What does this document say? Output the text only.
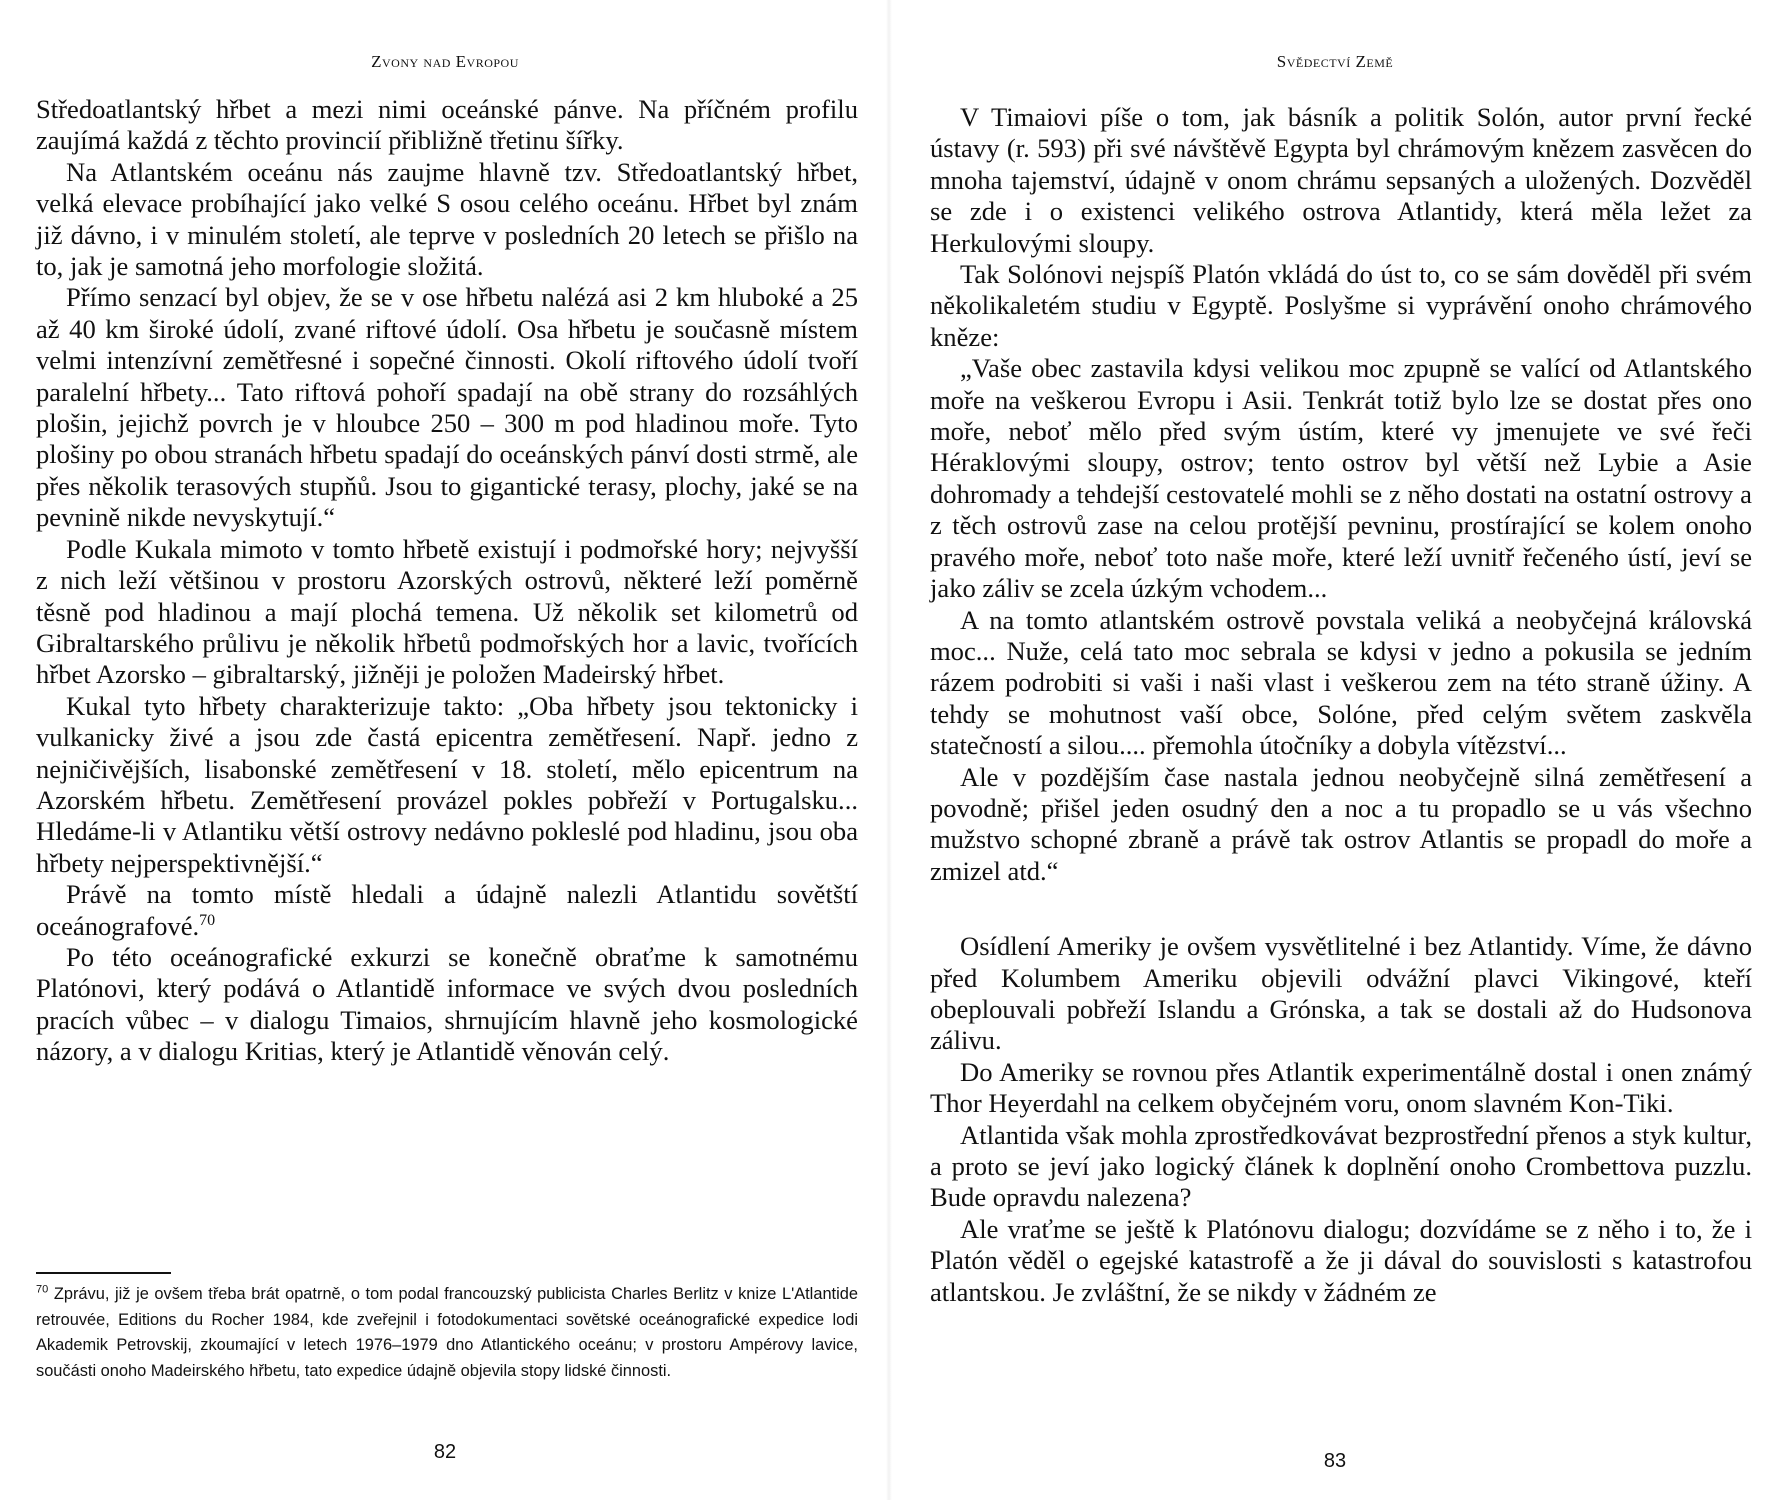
Zvony nad Evropou

Středoatlantský hřbet a mezi nimi oceánské pánve. Na příčném profilu zaujímá každá z těchto provincií přibližně třetinu šířky.

Na Atlantském oceánu nás zaujme hlavně tzv. Středoatlantský hřbet, velká elevace probíhající jako velké S osou celého oceánu. Hřbet byl znám již dávno, i v minulém století, ale teprve v posledních 20 letech se přišlo na to, jak je samotná jeho morfologie složitá.

Přímo senzací byl objev, že se v ose hřbetu nalézá asi 2 km hluboké a 25 až 40 km široké údolí, zvané riftové údolí. Osa hřbetu je současně místem velmi intenzívní zemětřesné i sopečné činnosti. Okolí riftového údolí tvoří paralelní hřbety... Tato riftová pohoří spadají na obě strany do rozsáhlých plošin, jejichž povrch je v hloubce 250 – 300 m pod hladinou moře. Tyto plošiny po obou stranách hřbetu spadají do oceánských pánví dosti strmě, ale přes několik terasových stupňů. Jsou to gigantické terasy, plochy, jaké se na pevnině nikde nevyskytují.“

Podle Kukala mimoto v tomto hřbetě existují i podmořské hory; nejvyšší z nich leží většinou v prostoru Azorských ostrovů, některé leží poměrně těsně pod hladinou a mají plochá temena. Už několik set kilometrů od Gibraltarského průlivu je několik hřbetů podmořských hor a lavic, tvořících hřbet Azorsko – gibraltarský, jižněji je položen Madeirský hřbet.

Kukal tyto hřbety charakterizuje takto: „Oba hřbety jsou tektonicky i vulkanicky živé a jsou zde častá epicentra zemětřesení. Např. jedno z nejničivějších, lisabonské zemětřesení v 18. století, mělo epicentrum na Azorském hřbetu. Zemětřesení provázel pokles pobřeží v Portugalsku... Hledáme-li v Atlantiku větší ostrovy nedávno pokleslé pod hladinu, jsou oba hřbety nejperspektivnější.“

Právě na tomto místě hledali a údajně nalezli Atlantidu sovětští oceánografové.$^{70}$

Po této oceánografické exkurzi se konečně obraťme k samotnému Platónovi, který podává o Atlantidě informace ve svých dvou posledních pracích vůbec – v dialogu Timaios, shrnujícím hlavně jeho kosmologické názory, a v dialogu Kritias, který je Atlantidě věnován celý.

$^{70}$ Zprávu, již je ovšem třeba brát opatrně, o tom podal francouzský publicista Charles Berlitz v knize L'Atlantide retrouvée, Editions du Rocher 1984, kde zveřejnil i fotodokumentaci sovětské oceánografické expedice lodi Akademik Petrovskij, zkoumající v letech 1976–1979 dno Atlantického oceánu; v prostoru Ampérovy lavice, součásti onoho Madeirského hřbetu, tato expedice údajně objevila stopy lidské činnosti.
82
Svědectví Země

V Timaiovi píše o tom, jak básník a politik Solón, autor první řecké ústavy (r. 593) při své návštěvě Egypta byl chrámovým knězem zasvěcen do mnoha tajemství, údajně v onom chrámu sepsaných a uložených. Dozvěděl se zde i o existenci velikého ostrova Atlantidy, která měla ležet za Herkulovými sloupy.

Tak Solónovi nejspíš Platón vkládá do úst to, co se sám dověděl při svém několikaletém studiu v Egyptě. Poslyšme si vyprávění onoho chrámového kněze:

„Vaše obec zastavila kdysi velikou moc zpupně se valící od Atlantského moře na veškerou Evropu i Asii. Tenkrát totiž bylo lze se dostat přes ono moře, neboť mělo před svým ústím, které vy jmenujete ve své řeči Héraklovými sloupy, ostrov; tento ostrov byl větší než Lybie a Asie dohromady a tehdejší cestovatelé mohli se z něho dostati na ostatní ostrovy a z těch ostrovů zase na celou protější pevninu, prostírající se kolem onoho pravého moře, neboť toto naše moře, které leží uvnitř řečeného ústí, jeví se jako záliv se zcela úzkým vchodem...

A na tomto atlantském ostrově povstala veliká a neobyčejná královská moc... Nuže, celá tato moc sebrala se kdysi v jedno a pokusila se jedním rázem podrobiti si vaši i naši vlast i veškerou zem na této straně úžiny. A tehdy se mohutnost vaší obce, Solóne, před celým světem zaskvěla statečností a silou.... přemohla útočníky a dobyla vítězství...

Ale v pozdějším čase nastala jednou neobyčejně silná zemětřesení a povodně; přišel jeden osudný den a noc a tu propadlo se u vás všechno mužstvo schopné zbraně a právě tak ostrov Atlantis se propadl do moře a zmizel atd.“

Osídlení Ameriky je ovšem vysvětlitelné i bez Atlantidy. Víme, že dávno před Kolumbem Ameriku objevili odvážní plavci Vikingové, kteří obeplouvali pobřeží Islandu a Grónska, a tak se dostali až do Hudsonova zálivu.

Do Ameriky se rovnou přes Atlantik experimentálně dostal i onen známý Thor Heyerdahl na celkem obyčejném voru, onom slavném Kon-Tiki.

Atlantida však mohla zprostředkovávat bezprostřední přenos a styk kultur, a proto se jeví jako logický článek k doplnění onoho Crombettova puzzlu. Bude opravdu nalezena?

Ale vraťme se ještě k Platónovu dialogu; dozvídáme se z něho i to, že i Platón věděl o egejské katastrofě a že ji dával do souvislosti s katastrofou atlantskou. Je zvláštní, že se nikdy v žádném ze

83
